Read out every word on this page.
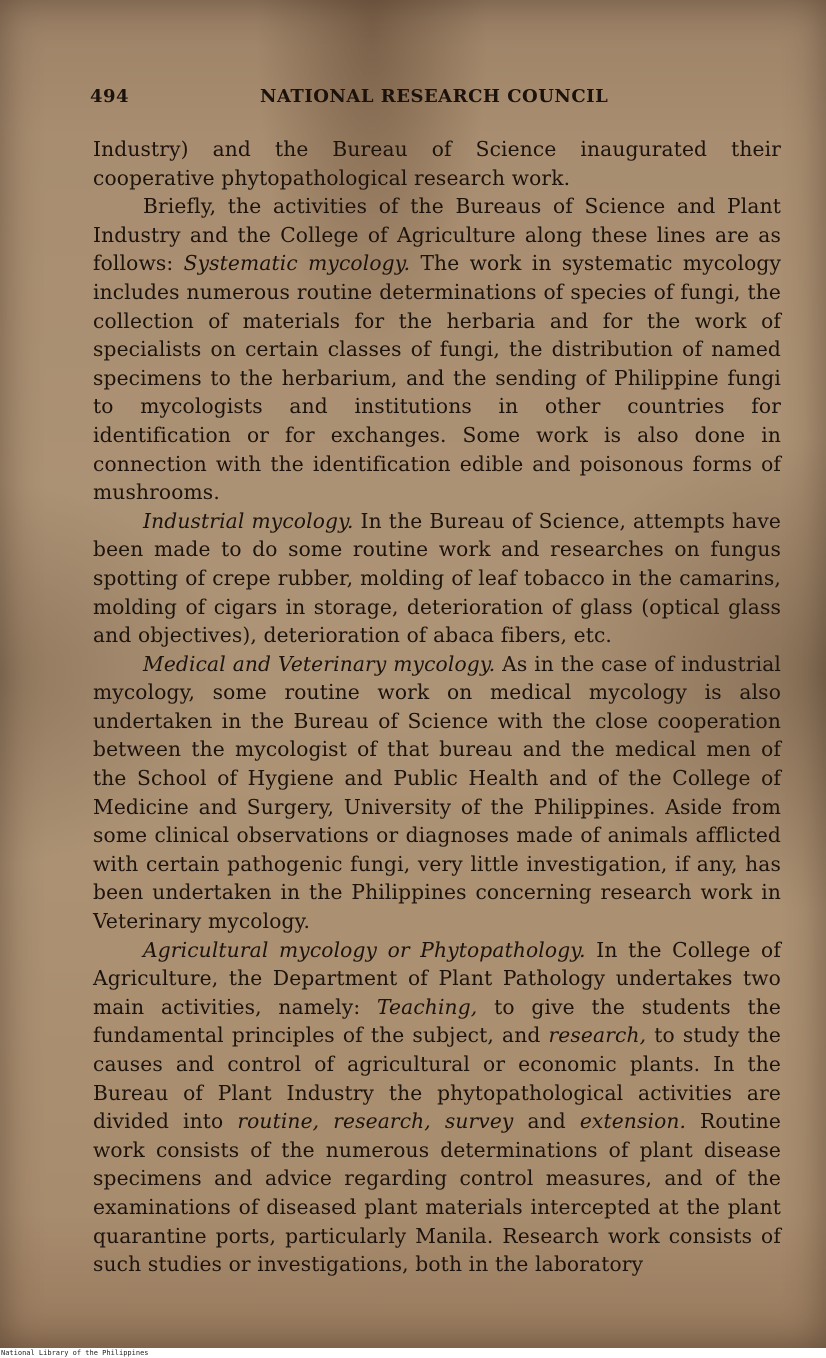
494	NATIONAL RESEARCH COUNCIL

Industry) and the Bureau of Science inaugurated their cooperative phytopathological research work.

Briefly, the activities of the Bureaus of Science and Plant Industry and the College of Agriculture along these lines are as follows: Systematic mycology. The work in systematic mycology includes numerous routine determinations of species of fungi, the collection of materials for the herbaria and for the work of specialists on certain classes of fungi, the distribution of named specimens to the herbarium, and the sending of Philippine fungi to mycologists and institutions in other countries for identification or for exchanges. Some work is also done in connection with the identification edible and poisonous forms of mushrooms.

Industrial mycology. In the Bureau of Science, attempts have been made to do some routine work and researches on fungus spotting of crepe rubber, molding of leaf tobacco in the camarins, molding of cigars in storage, deterioration of glass (optical glass and objectives), deterioration of abaca fibers, etc.

Medical and Veterinary mycology. As in the case of industrial mycology, some routine work on medical mycology is also undertaken in the Bureau of Science with the close cooperation between the mycologist of that bureau and the medical men of the School of Hygiene and Public Health and of the College of Medicine and Surgery, University of the Philippines. Aside from some clinical observations or diagnoses made of animals afflicted with certain pathogenic fungi, very little investigation, if any, has been undertaken in the Philippines concerning research work in Veterinary mycology.

Agricultural mycology or Phytopathology. In the College of Agriculture, the Department of Plant Pathology undertakes two main activities, namely: Teaching, to give the students the fundamental principles of the subject, and research, to study the causes and control of agricultural or economic plants. In the Bureau of Plant Industry the phytopathological activities are divided into routine, research, survey and extension. Routine work consists of the numerous determinations of plant disease specimens and advice regarding control measures, and of the examinations of diseased plant materials intercepted at the plant quarantine ports, particularly Manila. Research work consists of such studies or investigations, both in the laboratory

National Library of the Philippines
